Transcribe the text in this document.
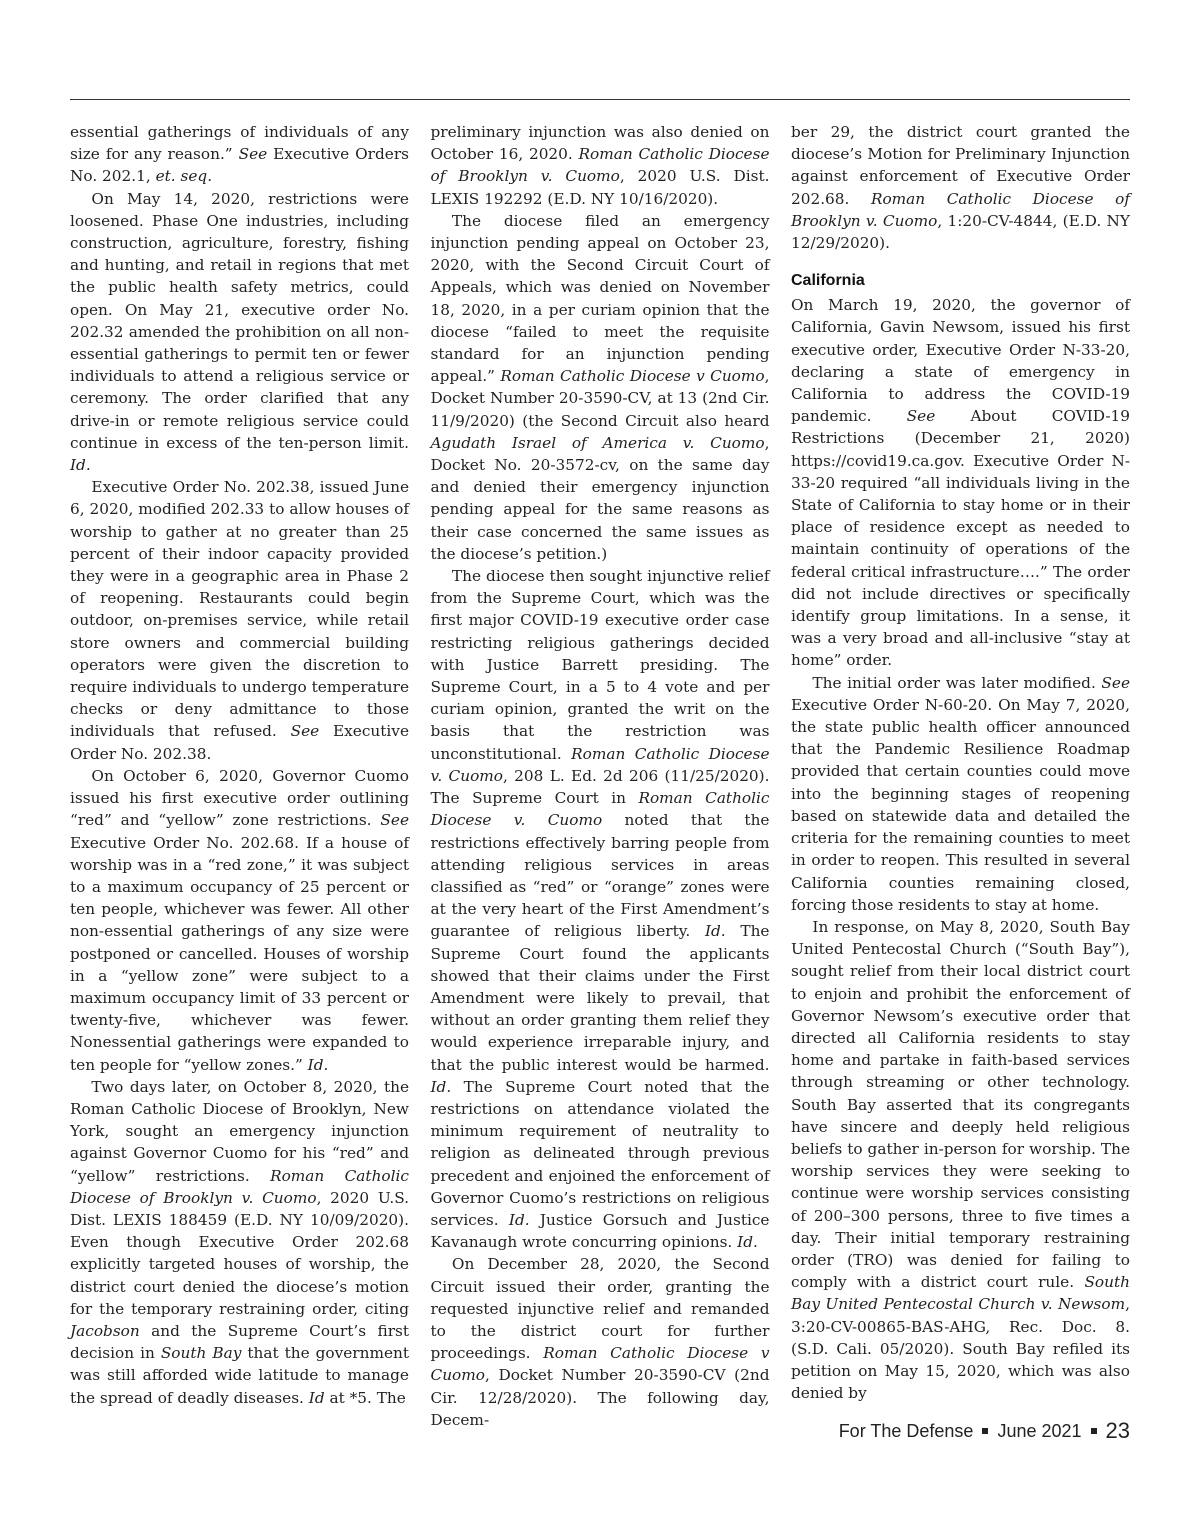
essential gatherings of individuals of any size for any reason.” See Executive Orders No. 202.1, et. seq.

On May 14, 2020, restrictions were loosened. Phase One industries, including construction, agriculture, forestry, fishing and hunting, and retail in regions that met the public health safety metrics, could open. On May 21, executive order No. 202.32 amended the prohibition on all non-essential gatherings to permit ten or fewer individuals to attend a religious service or ceremony. The order clarified that any drive-in or remote religious service could continue in excess of the ten-person limit. Id.

Executive Order No. 202.38, issued June 6, 2020, modified 202.33 to allow houses of worship to gather at no greater than 25 percent of their indoor capacity provided they were in a geographic area in Phase 2 of reopening. Restaurants could begin outdoor, on-premises service, while retail store owners and commercial building operators were given the discretion to require individuals to undergo temperature checks or deny admittance to those individuals that refused. See Executive Order No. 202.38.

On October 6, 2020, Governor Cuomo issued his first executive order outlining “red” and “yellow” zone restrictions. See Executive Order No. 202.68. If a house of worship was in a “red zone,” it was subject to a maximum occupancy of 25 percent or ten people, whichever was fewer. All other non-essential gatherings of any size were postponed or cancelled. Houses of worship in a “yellow zone” were subject to a maximum occupancy limit of 33 percent or twenty-five, whichever was fewer. Nonessential gatherings were expanded to ten people for “yellow zones.” Id.

Two days later, on October 8, 2020, the Roman Catholic Diocese of Brooklyn, New York, sought an emergency injunction against Governor Cuomo for his “red” and “yellow” restrictions. Roman Catholic Diocese of Brooklyn v. Cuomo, 2020 U.S. Dist. LEXIS 188459 (E.D. NY 10/09/2020). Even though Executive Order 202.68 explicitly targeted houses of worship, the district court denied the diocese’s motion for the temporary restraining order, citing Jacobson and the Supreme Court’s first decision in South Bay that the government was still afforded wide latitude to manage the spread of deadly diseases. Id at *5. The

preliminary injunction was also denied on October 16, 2020. Roman Catholic Diocese of Brooklyn v. Cuomo, 2020 U.S. Dist. LEXIS 192292 (E.D. NY 10/16/2020).

The diocese filed an emergency injunction pending appeal on October 23, 2020, with the Second Circuit Court of Appeals, which was denied on November 18, 2020, in a per curiam opinion that the diocese “failed to meet the requisite standard for an injunction pending appeal.” Roman Catholic Diocese v Cuomo, Docket Number 20-3590-CV, at 13 (2nd Cir. 11/9/2020) (the Second Circuit also heard Agudath Israel of America v. Cuomo, Docket No. 20-3572-cv, on the same day and denied their emergency injunction pending appeal for the same reasons as their case concerned the same issues as the diocese’s petition.)

The diocese then sought injunctive relief from the Supreme Court, which was the first major COVID-19 executive order case restricting religious gatherings decided with Justice Barrett presiding. The Supreme Court, in a 5 to 4 vote and per curiam opinion, granted the writ on the basis that the restriction was unconstitutional. Roman Catholic Diocese v. Cuomo, 208 L. Ed. 2d 206 (11/25/2020). The Supreme Court in Roman Catholic Diocese v. Cuomo noted that the restrictions effectively barring people from attending religious services in areas classified as “red” or “orange” zones were at the very heart of the First Amendment’s guarantee of religious liberty. Id. The Supreme Court found the applicants showed that their claims under the First Amendment were likely to prevail, that without an order granting them relief they would experience irreparable injury, and that the public interest would be harmed. Id. The Supreme Court noted that the restrictions on attendance violated the minimum requirement of neutrality to religion as delineated through previous precedent and enjoined the enforcement of Governor Cuomo’s restrictions on religious services. Id. Justice Gorsuch and Justice Kavanaugh wrote concurring opinions. Id.

On December 28, 2020, the Second Circuit issued their order, granting the requested injunctive relief and remanded to the district court for further proceedings. Roman Catholic Diocese v Cuomo, Docket Number 20-3590-CV (2nd Cir. 12/28/2020). The following day, Decem-

ber 29, the district court granted the diocese’s Motion for Preliminary Injunction against enforcement of Executive Order 202.68. Roman Catholic Diocese of Brooklyn v. Cuomo, 1:20-CV-4844, (E.D. NY 12/29/2020).

California

On March 19, 2020, the governor of California, Gavin Newsom, issued his first executive order, Executive Order N-33-20, declaring a state of emergency in California to address the COVID-19 pandemic. See About COVID-19 Restrictions (December 21, 2020) https://covid19.ca.gov. Executive Order N-33-20 required “all individuals living in the State of California to stay home or in their place of residence except as needed to maintain continuity of operations of the federal critical infrastructure….” The order did not include directives or specifically identify group limitations. In a sense, it was a very broad and all-inclusive “stay at home” order.

The initial order was later modified. See Executive Order N-60-20. On May 7, 2020, the state public health officer announced that the Pandemic Resilience Roadmap provided that certain counties could move into the beginning stages of reopening based on statewide data and detailed the criteria for the remaining counties to meet in order to reopen. This resulted in several California counties remaining closed, forcing those residents to stay at home.

In response, on May 8, 2020, South Bay United Pentecostal Church (“South Bay”), sought relief from their local district court to enjoin and prohibit the enforcement of Governor Newsom’s executive order that directed all California residents to stay home and partake in faith-based services through streaming or other technology. South Bay asserted that its congregants have sincere and deeply held religious beliefs to gather in-person for worship. The worship services they were seeking to continue were worship services consisting of 200–300 persons, three to five times a day. Their initial temporary restraining order (TRO) was denied for failing to comply with a district court rule. South Bay United Pentecostal Church v. Newsom, 3:20-CV-00865-BAS-AHG, Rec. Doc. 8. (S.D. Cali. 05/2020). South Bay refiled its petition on May 15, 2020, which was also denied by

For The Defense June 2021 23
